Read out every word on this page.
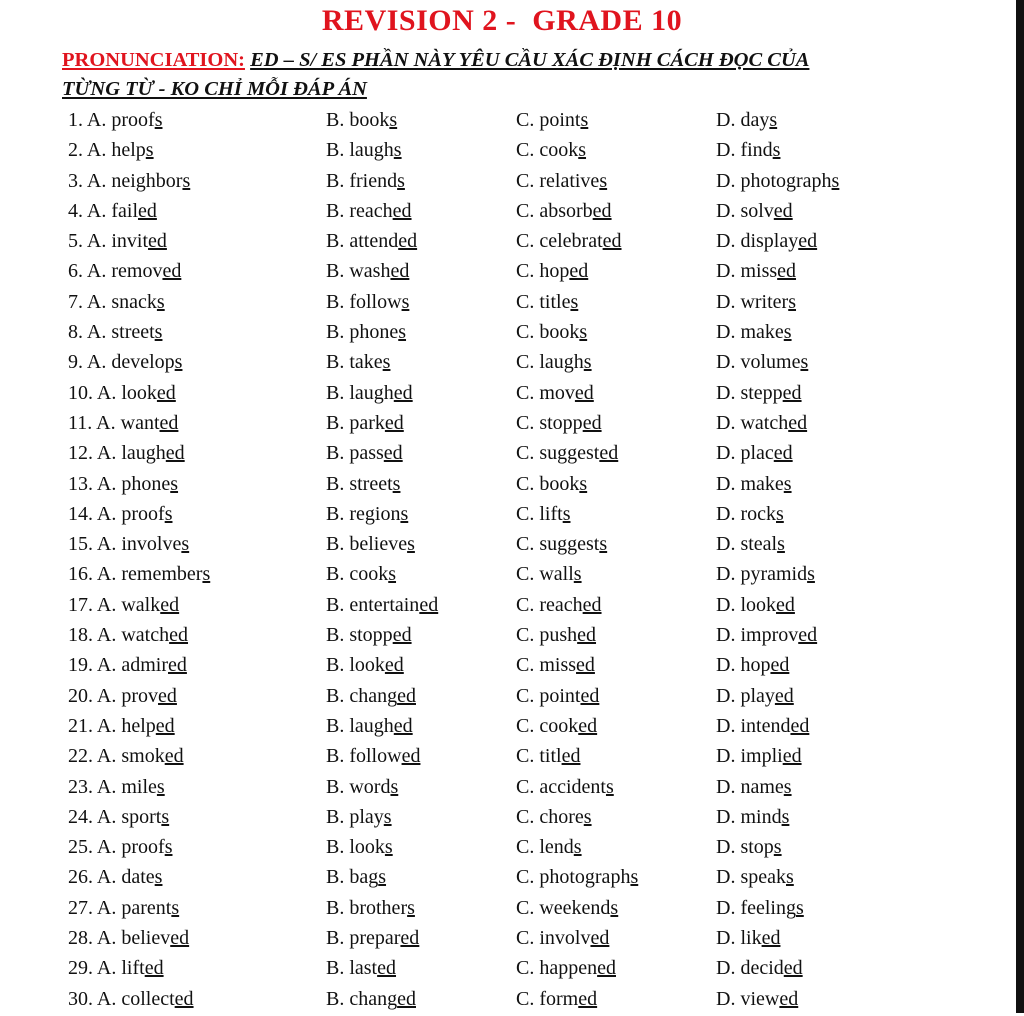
REVISION 2 -  GRADE 10
PRONUNCIATION: ED – S/ ES PHẦN NÀY YÊU CẦU XÁC ĐỊNH CÁCH ĐỌC CỦA
TỪNG TỪ - KO CHỈ MỖI ĐÁP ÁN
1. A. proofs	B. books	C. points	D. days
2. A. helps	B. laughs	C. cooks	D. finds
3. A. neighbors	B. friends	C. relatives	D. photographs
4. A. failed	B. reached	C. absorbed	D. solved
5. A. invited	B. attended	C. celebrated	D. displayed
6. A. removed	B. washed	C. hoped	D. missed
7. A. snacks	B. follows	C. titles	D. writers
8. A. streets	B. phones	C. books	D. makes
9. A. develops	B. takes	C. laughs	D. volumes
10. A. looked	B. laughed	C. moved	D. stepped
11. A. wanted	B. parked	C. stopped	D. watched
12. A. laughed	B. passed	C. suggested	D. placed
13. A. phones	B. streets	C. books	D. makes
14. A. proofs	B. regions	C. lifts	D. rocks
15. A. involves	B. believes	C. suggests	D. steals
16. A. remembers	B. cooks	C. walls	D. pyramids
17. A. walked	B. entertained	C. reached	D. looked
18. A. watched	B. stopped	C. pushed	D. improved
19. A. admired	B. looked	C. missed	D. hoped
20. A. proved	B. changed	C. pointed	D. played
21. A. helped	B. laughed	C. cooked	D. intended
22. A. smoked	B. followed	C. titled	D. implied
23. A. miles	B. words	C. accidents	D. names
24. A. sports	B. plays	C. chores	D. minds
25. A. proofs	B. looks	C. lends	D. stops
26. A. dates	B. bags	C. photographs	D. speaks
27. A. parents	B. brothers	C. weekends	D. feelings
28. A. believed	B. prepared	C. involved	D. liked
29. A. lifted	B. lasted	C. happened	D. decided
30. A. collected	B. changed	C. formed	D. viewed
